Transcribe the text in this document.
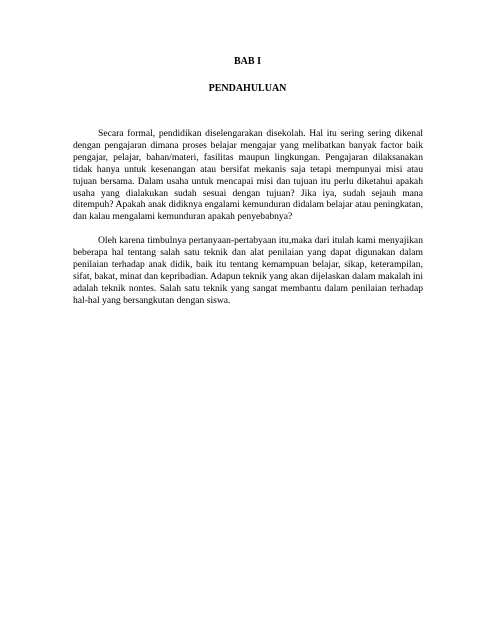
BAB I

PENDAHULUAN

Secara formal, pendidikan diselengarakan disekolah. Hal itu sering sering dikenal dengan pengajaran dimana proses belajar mengajar yang melibatkan banyak factor baik pengajar, pelajar, bahan/materi, fasilitas maupun lingkungan. Pengajaran dilaksanakan tidak hanya untuk kesenangan atau bersifat mekanis saja tetapi mempunyai misi atau tujuan bersama. Dalam usaha untuk mencapai misi dan tujuan itu perlu diketahui apakah usaha yang dialakukan sudah sesuai dengan tujuan? Jika iya, sudah sejauh mana ditempuh? Apakah anak didiknya engalami kemunduran didalam belajar atau peningkatan, dan kalau mengalami kemunduran apakah penyebabnya?

Oleh karena timbulnya pertanyaan-pertabyaan itu,maka dari itulah kami menyajikan beberapa hal tentang salah satu teknik dan alat penilaian yang dapat digunakan dalam penilaian terhadap anak didik, baik itu tentang kemampuan belajar, sikap, keterampilan, sifat, bakat, minat dan kepribadian. Adapun teknik yang akan dijelaskan dalam makalah ini adalah teknik nontes. Salah satu teknik yang sangat membantu dalam penilaian terhadap hal-hal yang bersangkutan dengan siswa.
